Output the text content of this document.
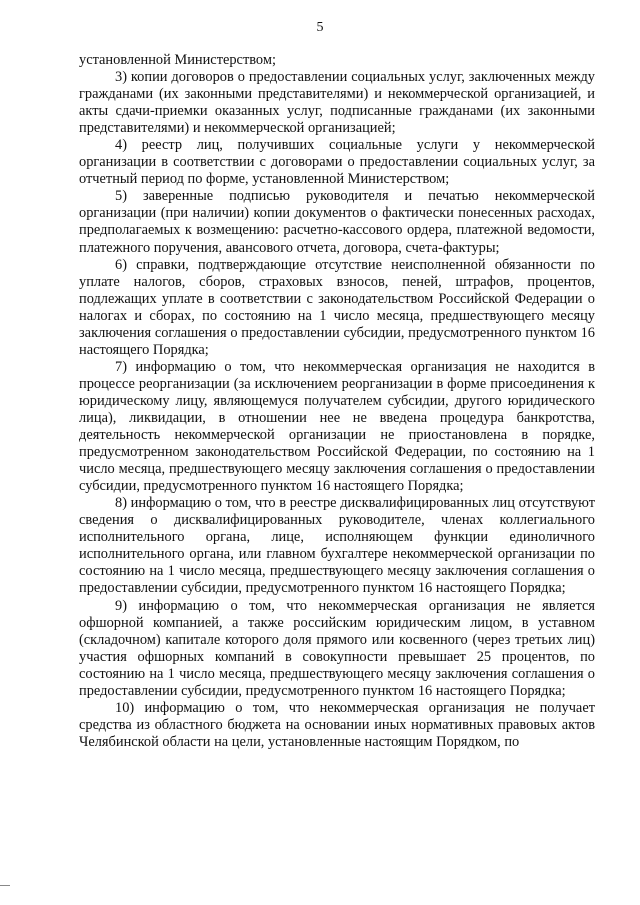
5

установленной Министерством;

3) копии договоров о предоставлении социальных услуг, заключенных между гражданами (их законными представителями) и некоммерческой организацией, и акты сдачи-приемки оказанных услуг, подписанные гражданами (их законными представителями) и некоммерческой организацией;

4) реестр лиц, получивших социальные услуги у некоммерческой организации в соответствии с договорами о предоставлении социальных услуг, за отчетный период по форме, установленной Министерством;

5) заверенные подписью руководителя и печатью некоммерческой организации (при наличии) копии документов о фактически понесенных расходах, предполагаемых к возмещению: расчетно-кассового ордера, платежной ведомости, платежного поручения, авансового отчета, договора, счета-фактуры;

6) справки, подтверждающие отсутствие неисполненной обязанности по уплате налогов, сборов, страховых взносов, пеней, штрафов, процентов, подлежащих уплате в соответствии с законодательством Российской Федерации о налогах и сборах, по состоянию на 1 число месяца, предшествующего месяцу заключения соглашения о предоставлении субсидии, предусмотренного пунктом 16 настоящего Порядка;

7) информацию о том, что некоммерческая организация не находится в процессе реорганизации (за исключением реорганизации в форме присоединения к юридическому лицу, являющемуся получателем субсидии, другого юридического лица), ликвидации, в отношении нее не введена процедура банкротства, деятельность некоммерческой организации не приостановлена в порядке, предусмотренном законодательством Российской Федерации, по состоянию на 1 число месяца, предшествующего месяцу заключения соглашения о предоставлении субсидии, предусмотренного пунктом 16 настоящего Порядка;

8) информацию о том, что в реестре дисквалифицированных лиц отсутствуют сведения о дисквалифицированных руководителе, членах коллегиального исполнительного органа, лице, исполняющем функции единоличного исполнительного органа, или главном бухгалтере некоммерческой организации по состоянию на 1 число месяца, предшествующего месяцу заключения соглашения о предоставлении субсидии, предусмотренного пунктом 16 настоящего Порядка;

9) информацию о том, что некоммерческая организация не является офшорной компанией, а также российским юридическим лицом, в уставном (складочном) капитале которого доля прямого или косвенного (через третьих лиц) участия офшорных компаний в совокупности превышает 25 процентов, по состоянию на 1 число месяца, предшествующего месяцу заключения соглашения о предоставлении субсидии, предусмотренного пунктом 16 настоящего Порядка;

10) информацию о том, что некоммерческая организация не получает средства из областного бюджета на основании иных нормативных правовых актов Челябинской области на цели, установленные настоящим Порядком, по
